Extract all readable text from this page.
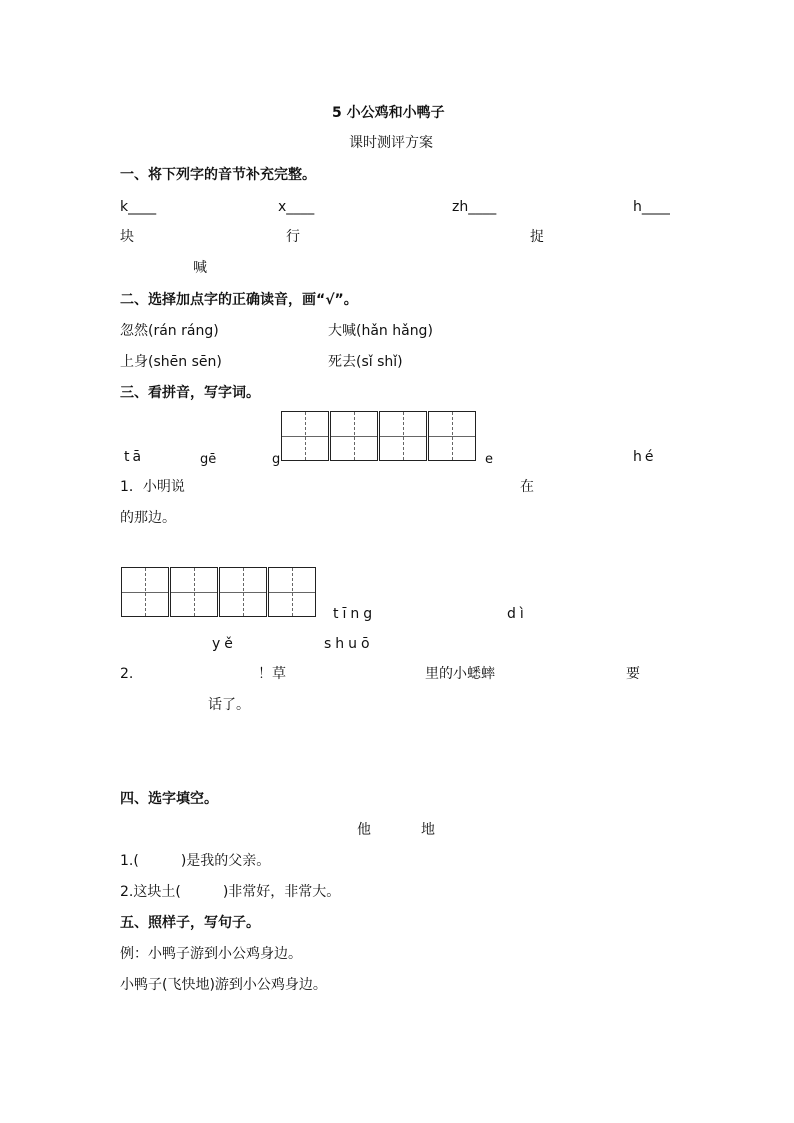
5 小公鸡和小鸭子
课时测评方案
一、将下列字的音节补充完整。
k____	x____	zh____	h____
块	行	捉
喊
二、选择加点字的正确读音，画“√”。
忽然(rán ráng)	大喊(hǎn hǎng)
上身(shēn sēn)	死去(sǐ shǐ)
三、看拼音，写字词。
tā	gē	g	e	hé
1．小明说	在
的那边。
tīng	dì
yě	shuō
2.	！草	里的小蟋蟀	要
话了。
四、选字填空。
他	地
1.(　　　)是我的父亲。
2.这块土(　　　)非常好，非常大。
五、照样子，写句子。
例：小鸭子游到小公鸡身边。
小鸭子(飞快地)游到小公鸡身边。
